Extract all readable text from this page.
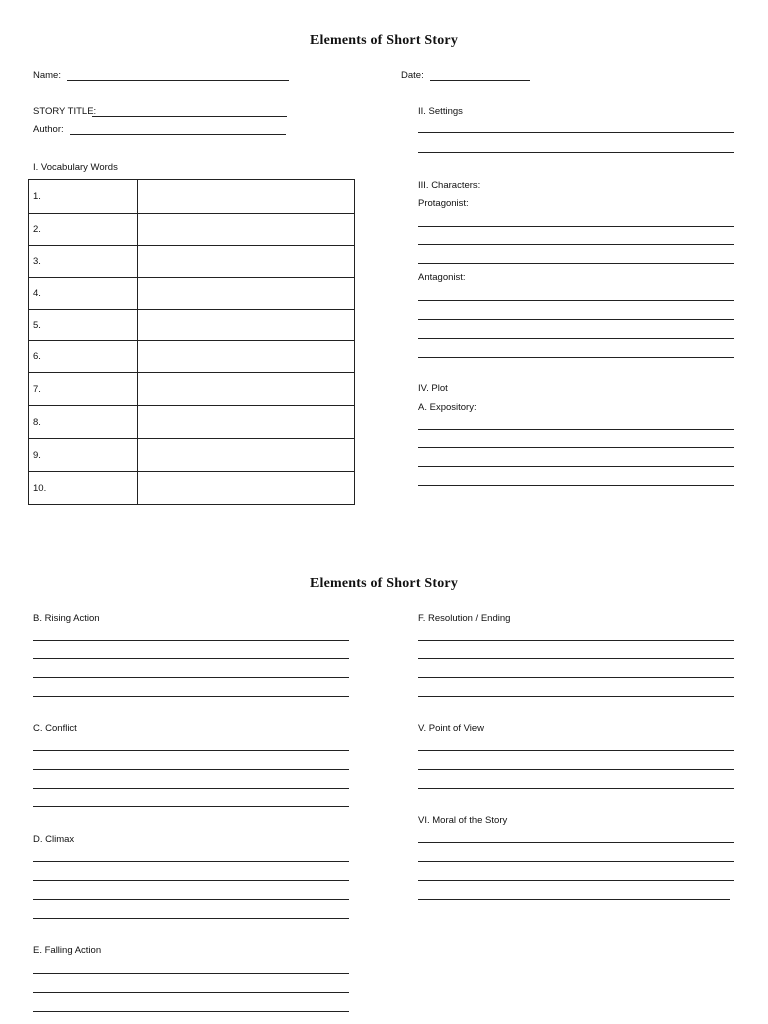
Elements of Short Story
Name:	Date:
STORY TITLE:
Author:
I. Vocabulary Words
1.	
2.	
3.	
4.	
5.	
6.	
7.	
8.	
9.	
10.	
II. Settings
III. Characters:
Protagonist:
Antagonist:
IV. Plot
A. Expository:
Elements of Short Story
B. Rising Action
C. Conflict
D. Climax
E. Falling Action
F. Resolution / Ending
V. Point of View
VI. Moral of the Story
